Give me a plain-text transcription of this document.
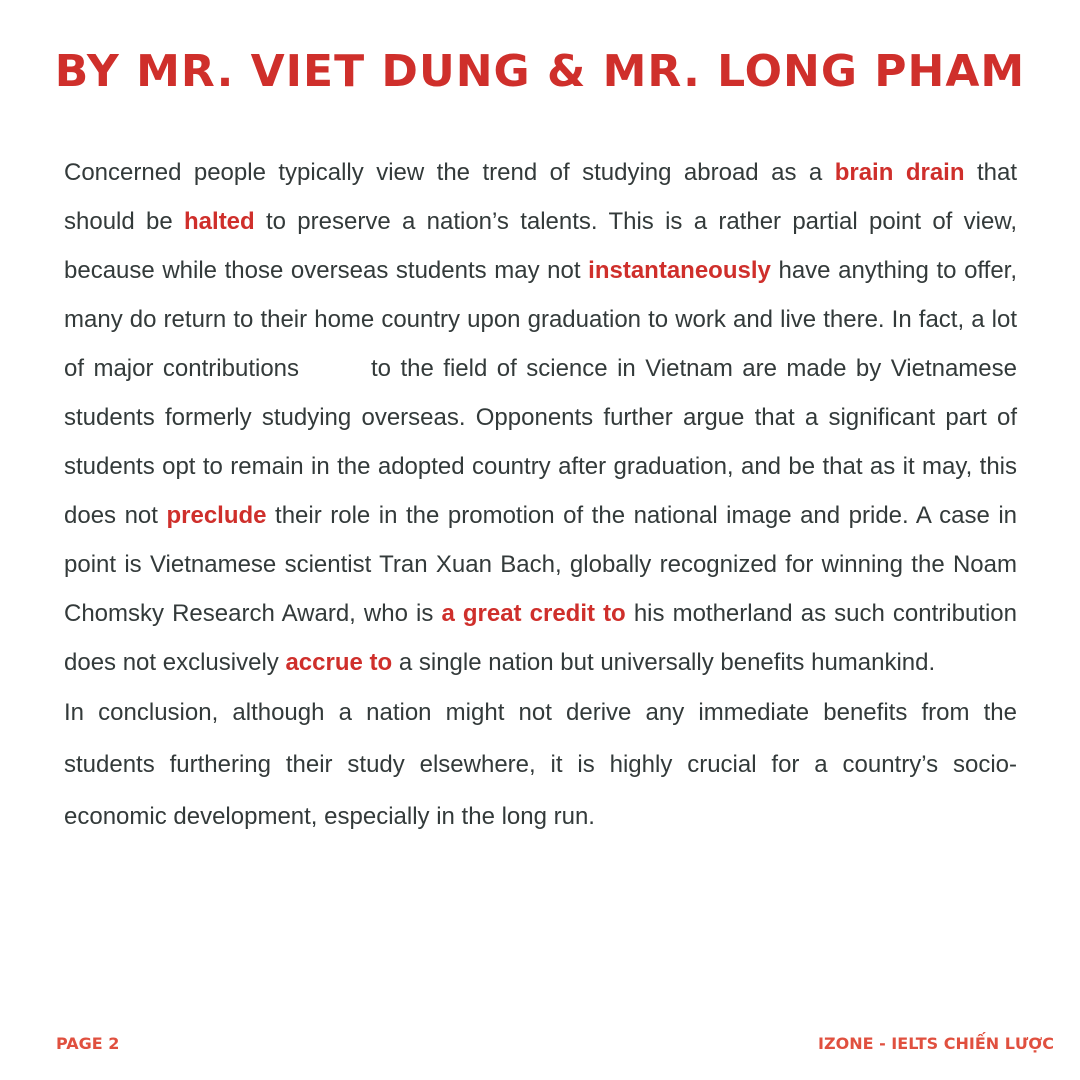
BY MR. VIET DUNG & MR. LONG PHAM

Concerned people typically view the trend of studying abroad as a brain drain that should be halted to preserve a nation’s talents. This is a rather partial point of view, because while those overseas students may not instantaneously have anything to offer, many do return to their home country upon graduation to work and live there. In fact, a lot of major contributions	to the field of science in Vietnam are made by Vietnamese students formerly studying overseas. Opponents further argue that a significant part of students opt to remain in the adopted country after graduation, and be that as it may, this does not preclude their role in the promotion of the national image and pride. A case in point is Vietnamese scientist Tran Xuan Bach, globally recognized for winning the Noam Chomsky Research Award, who is a great credit to his motherland as such contribution does not exclusively accrue to a single nation but universally benefits humankind.

In conclusion, although a nation might not derive any immediate benefits from the students furthering their study elsewhere, it is highly crucial for a country’s socio-economic development, especially in the long run.

PAGE 2	IZONE - IELTS CHIẾN LƯỢC
